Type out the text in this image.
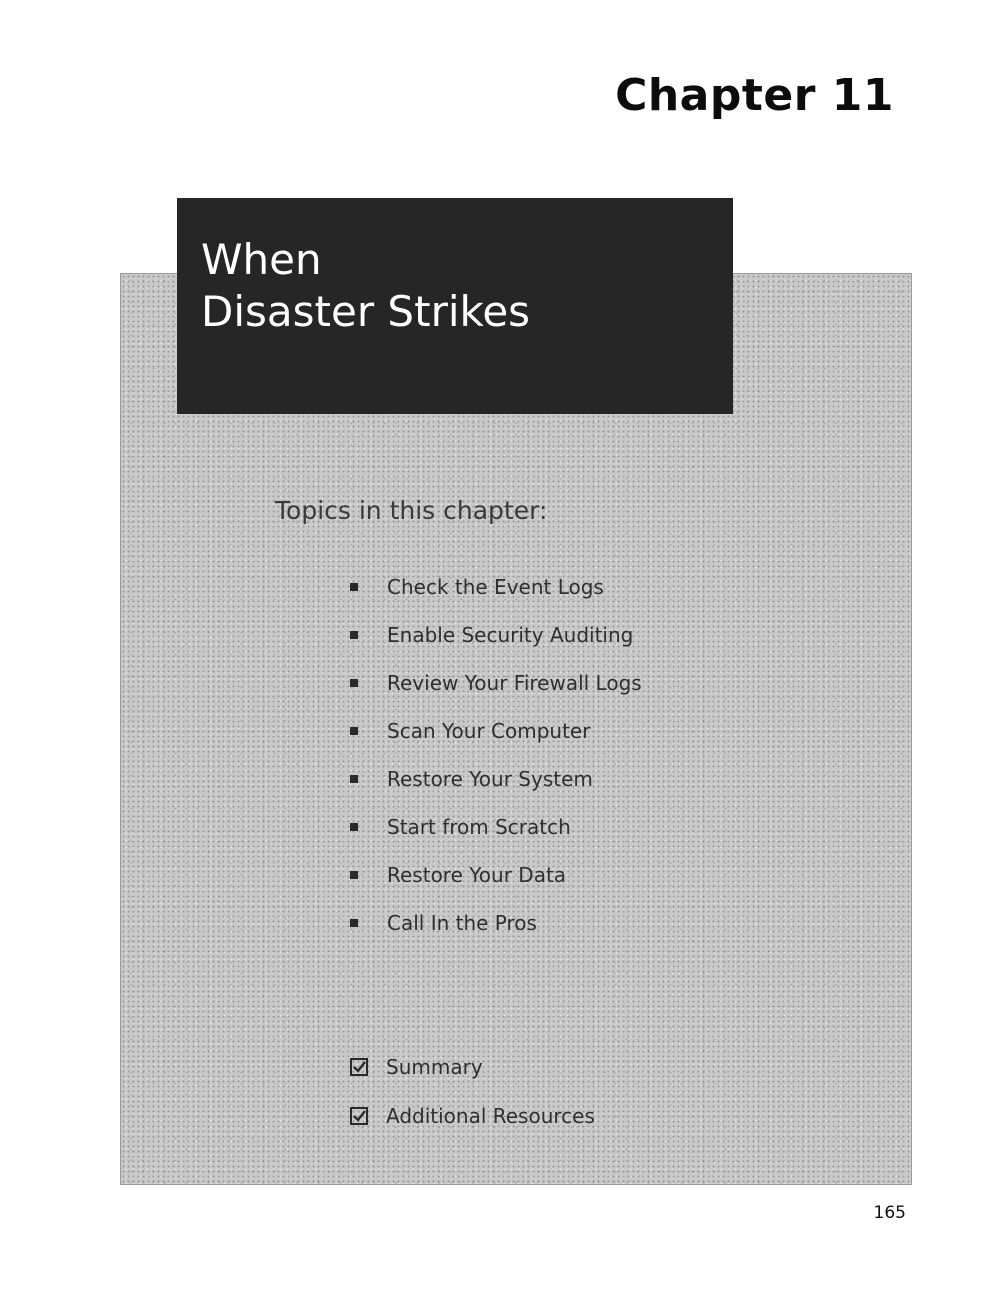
Chapter 11
When
Disaster Strikes
Topics in this chapter:
Check the Event Logs
Enable Security Auditing
Review Your Firewall Logs
Scan Your Computer
Restore Your System
Start from Scratch
Restore Your Data
Call In the Pros
Summary
Additional Resources
165
